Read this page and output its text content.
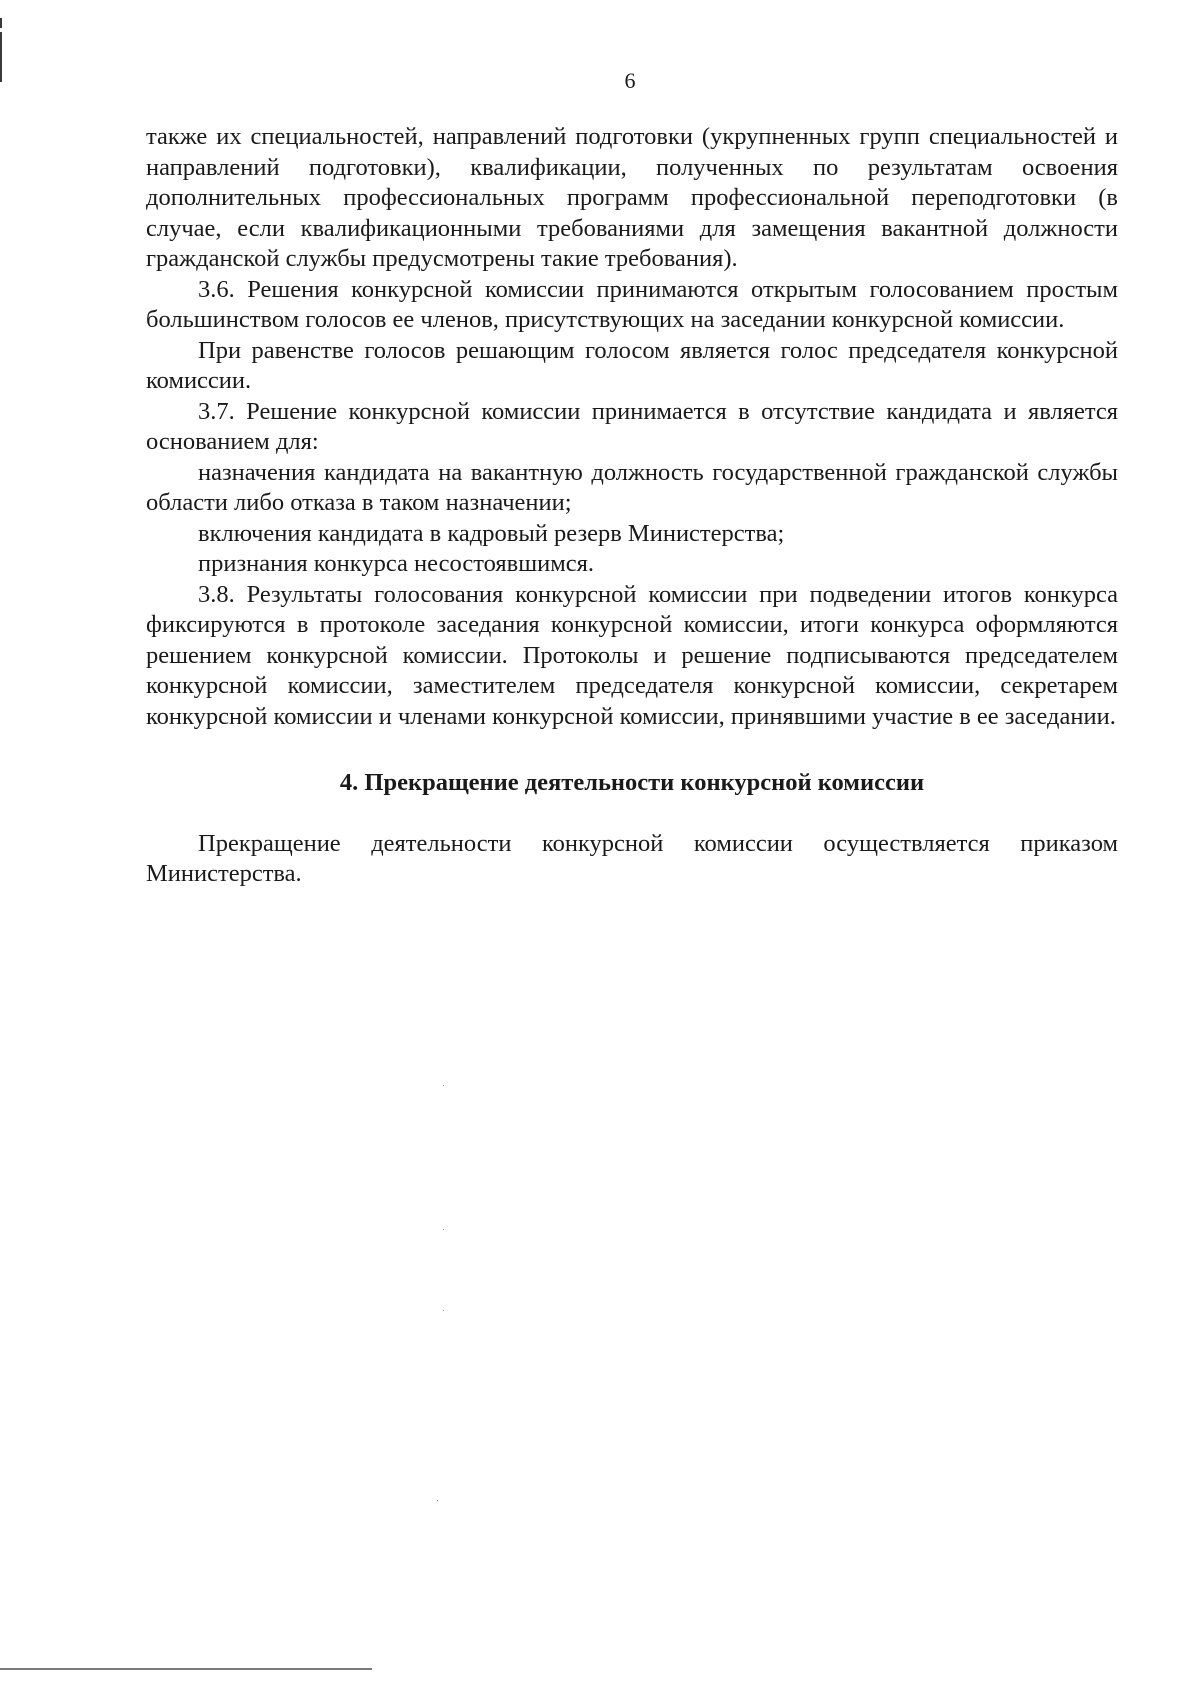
6

также их специальностей, направлений подготовки (укрупненных групп специальностей и направлений подготовки), квалификации, полученных по результатам освоения дополнительных профессиональных программ профессиональной переподготовки (в случае, если квалификационными требованиями для замещения вакантной должности гражданской службы предусмотрены такие требования).

3.6. Решения конкурсной комиссии принимаются открытым голосованием простым большинством голосов ее членов, присутствующих на заседании конкурсной комиссии.

При равенстве голосов решающим голосом является голос председателя конкурсной комиссии.

3.7. Решение конкурсной комиссии принимается в отсутствие кандидата и является основанием для:

назначения кандидата на вакантную должность государственной гражданской службы области либо отказа в таком назначении;

включения кандидата в кадровый резерв Министерства;

признания конкурса несостоявшимся.

3.8. Результаты голосования конкурсной комиссии при подведении итогов конкурса фиксируются в протоколе заседания конкурсной комиссии, итоги конкурса оформляются решением конкурсной комиссии. Протоколы и решение подписываются председателем конкурсной комиссии, заместителем председателя конкурсной комиссии, секретарем конкурсной комиссии и членами конкурсной комиссии, принявшими участие в ее заседании.

4. Прекращение деятельности конкурсной комиссии

Прекращение деятельности конкурсной комиссии осуществляется приказом Министерства.
